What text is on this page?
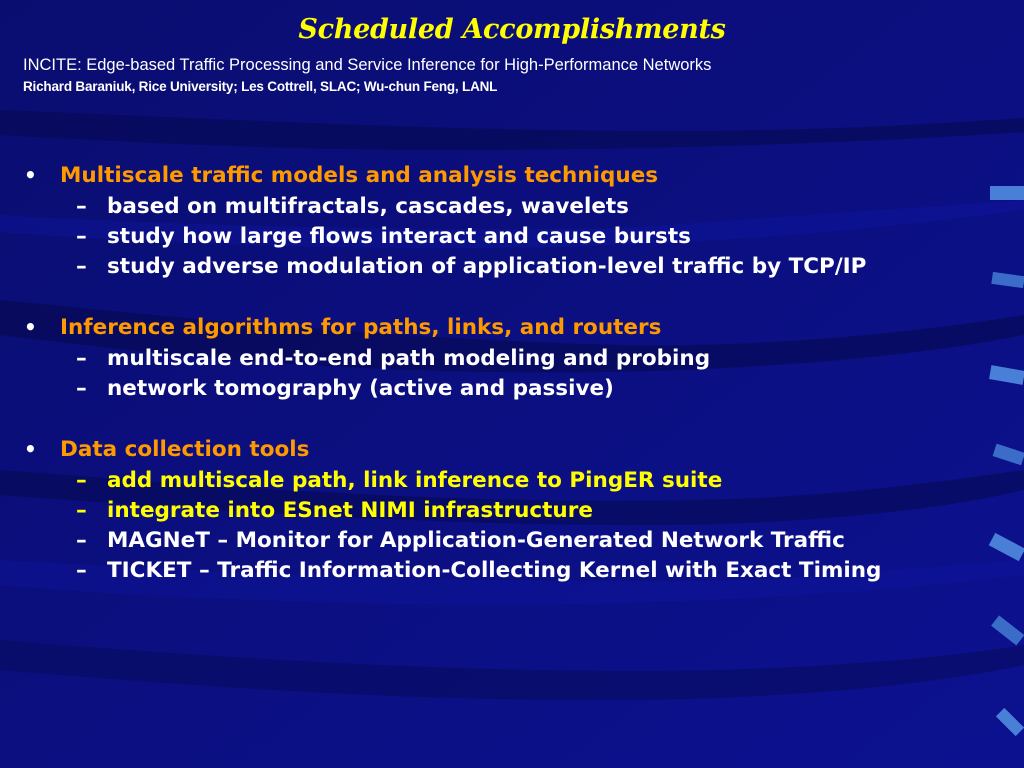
Scheduled Accomplishments
INCITE: Edge-based Traffic Processing and Service Inference for High-Performance Networks
Richard Baraniuk, Rice University; Les Cottrell, SLAC; Wu-chun Feng, LANL
•	Multiscale traffic models and analysis techniques
– based on multifractals, cascades, wavelets
– study how large flows interact and cause bursts
– study adverse modulation of application-level traffic by TCP/IP
•	Inference algorithms for paths, links, and routers
– multiscale end-to-end path modeling and probing
– network tomography (active and passive)
•	Data collection tools
– add multiscale path, link inference to PingER suite
– integrate into ESnet NIMI infrastructure
– MAGNeT – Monitor for Application-Generated Network Traffic
– TICKET – Traffic Information-Collecting Kernel with Exact Timing
